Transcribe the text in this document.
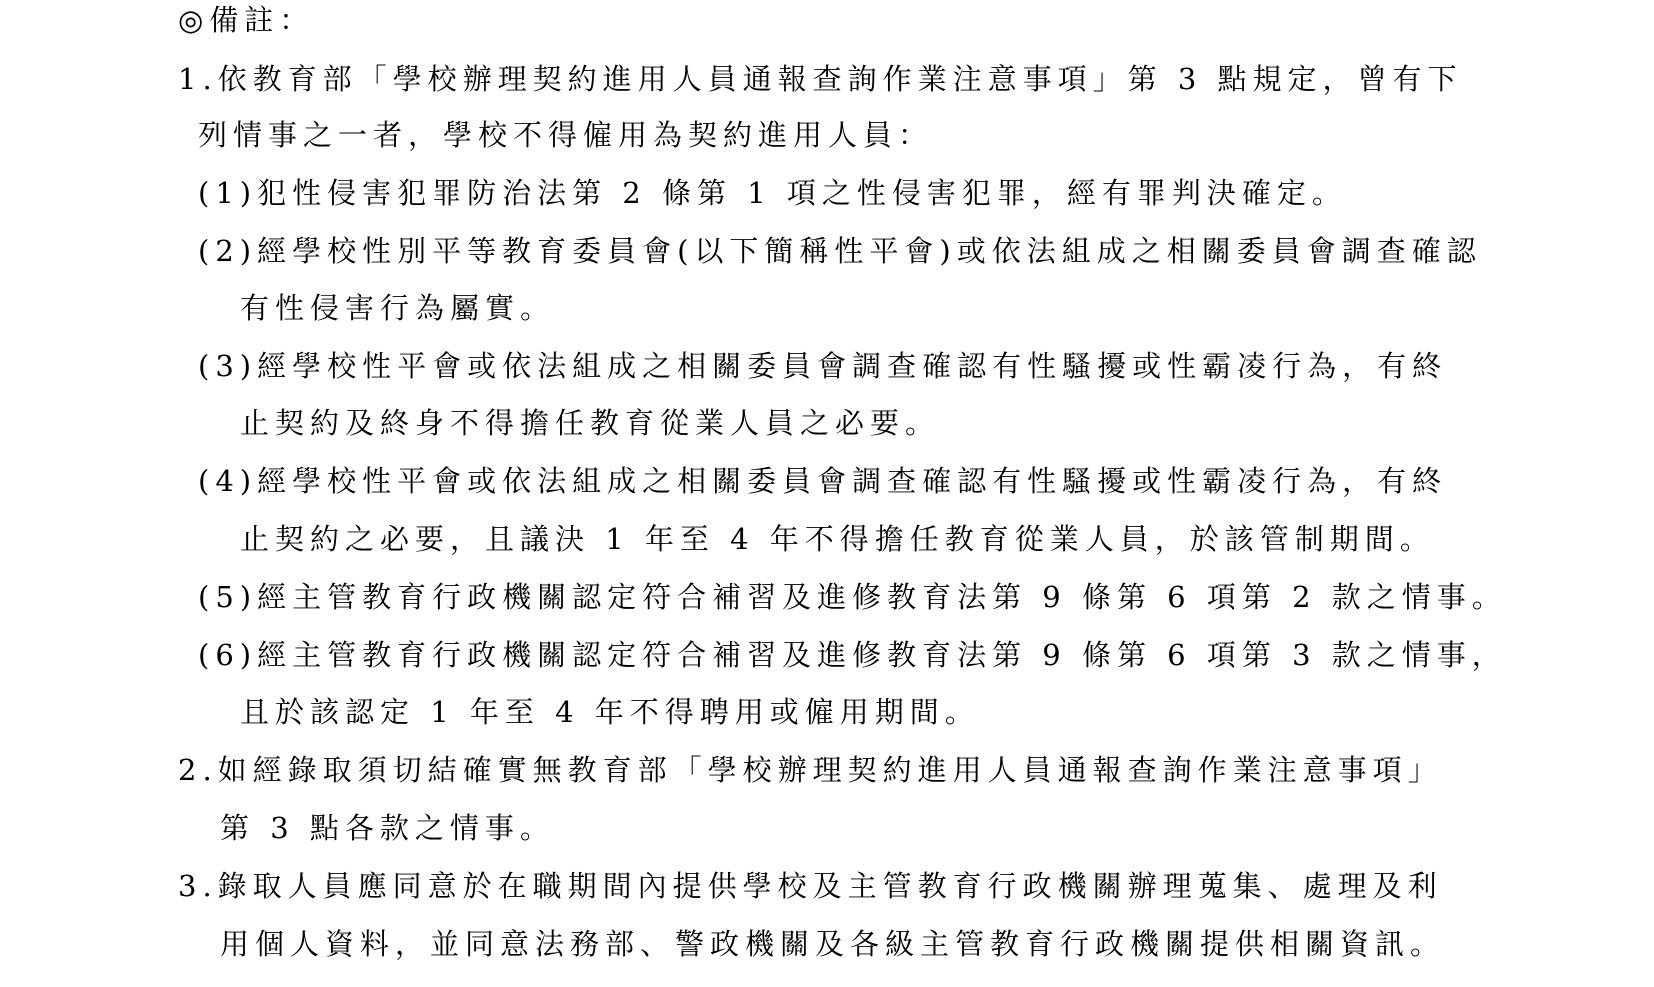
◎備註：
1.依教育部「學校辦理契約進用人員通報查詢作業注意事項」第 3 點規定，曾有下
列情事之一者，學校不得僱用為契約進用人員：
(1)犯性侵害犯罪防治法第 2 條第 1 項之性侵害犯罪，經有罪判決確定。
(2)經學校性別平等教育委員會(以下簡稱性平會)或依法組成之相關委員會調查確認
有性侵害行為屬實。
(3)經學校性平會或依法組成之相關委員會調查確認有性騷擾或性霸凌行為，有終
止契約及終身不得擔任教育從業人員之必要。
(4)經學校性平會或依法組成之相關委員會調查確認有性騷擾或性霸凌行為，有終
止契約之必要，且議決 1 年至 4 年不得擔任教育從業人員，於該管制期間。
(5)經主管教育行政機關認定符合補習及進修教育法第 9 條第 6 項第 2 款之情事。
(6)經主管教育行政機關認定符合補習及進修教育法第 9 條第 6 項第 3 款之情事，
且於該認定 1 年至 4 年不得聘用或僱用期間。
2.如經錄取須切結確實無教育部「學校辦理契約進用人員通報查詢作業注意事項」
第 3 點各款之情事。
3.錄取人員應同意於在職期間內提供學校及主管教育行政機關辦理蒐集、處理及利
用個人資料，並同意法務部、警政機關及各級主管教育行政機關提供相關資訊。
